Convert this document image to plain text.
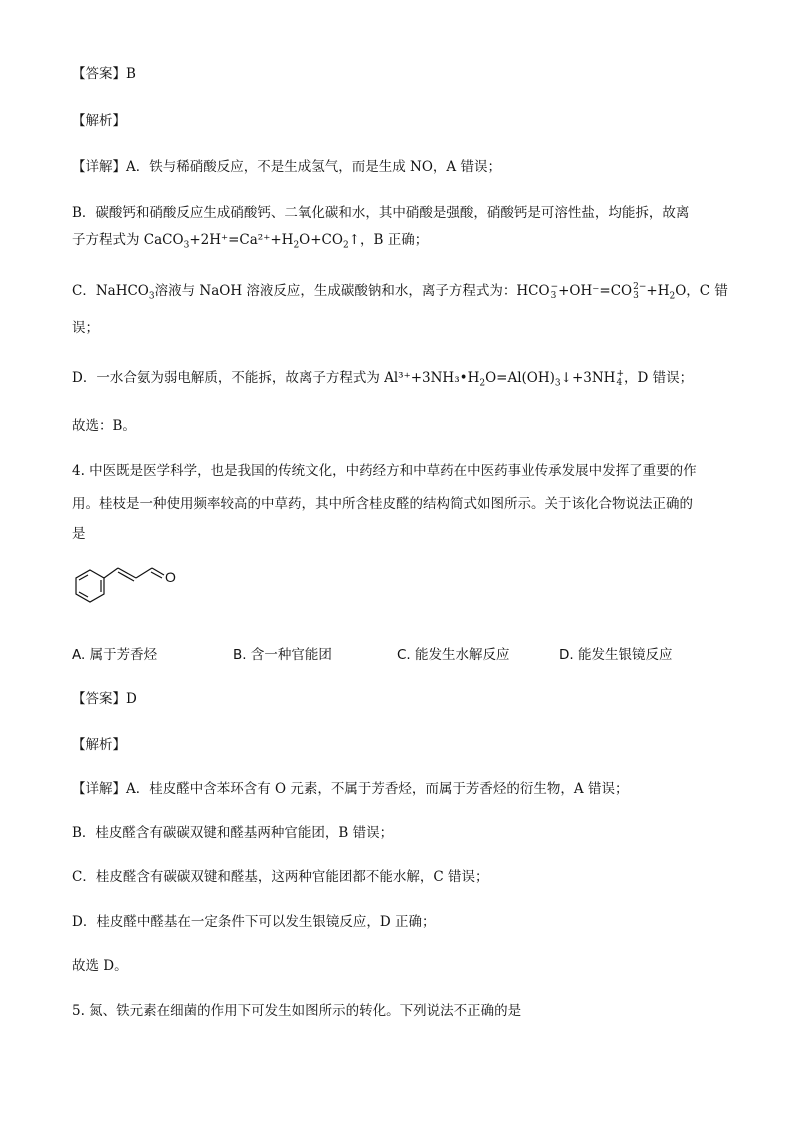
【答案】B
【解析】
【详解】A．铁与稀硝酸反应，不是生成氢气，而是生成 NO，A 错误；
B．碳酸钙和硝酸反应生成硝酸钙、二氧化碳和水，其中硝酸是强酸，硝酸钙是可溶性盐，均能拆，故离
子方程式为 $CaCO_3+2H^+=Ca^{2+}+H_2O+CO_2↑$，B 正确；
C．NaHCO$_3$溶液与 NaOH 溶液反应，生成碳酸钠和水，离子方程式为：HCO −
3 +OH⁻=CO 2−
$3 +H_2O$，C 错
误；
D．一水合氨为弱电解质，不能拆，故离子方程式为 $Al^{3+}+3NH_3•H_2O=Al(OH)_3↓+3NH$ +
4 ，D 错误；
故选：B。
4. 中医既是医学科学，也是我国的传统文化，中药经方和中草药在中医药事业传承发展中发挥了重要的作
用。桂枝是一种使用频率较高的中草药，其中所含桂皮醛的结构简式如图所示。关于该化合物说法正确的
是
O
A. 属于芳香烃	B. 含一种官能团	C. 能发生水解反应	D. 能发生银镜反应
【答案】D
【解析】
【详解】A．桂皮醛中含苯环含有 O 元素，不属于芳香烃，而属于芳香烃的衍生物，A 错误；
B．桂皮醛含有碳碳双键和醛基两种官能团，B 错误；
C．桂皮醛含有碳碳双键和醛基，这两种官能团都不能水解，C 错误；
D．桂皮醛中醛基在一定条件下可以发生银镜反应，D 正确；
故选 D。
5. 氮、铁元素在细菌的作用下可发生如图所示的转化。下列说法不正确的是
